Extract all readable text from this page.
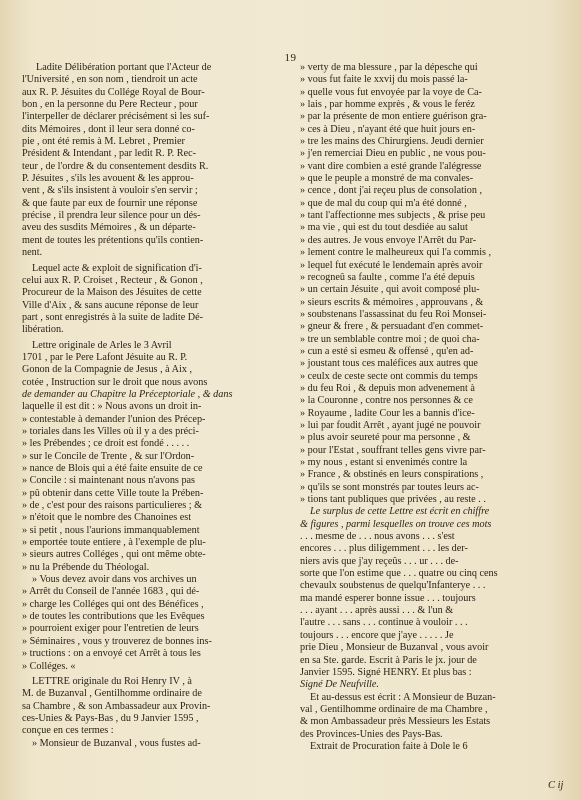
19

Ladite Délibération portant que l'Acteur de
l'Université , en son nom , tiendroit un acte
aux R. P. Jésuites du Collége Royal de Bour-
bon , en la personne du Pere Recteur , pour
l'interpeller de déclarer précisément si les suf-
dits Mémoires , dont il leur sera donné co-
pie , ont été remis à M. Lebret , Premier
Président & Intendant , par ledit R. P. Rec-
teur , de l'ordre & du consentement desdits R.
P. Jésuites , s'ils les avouent & les approu-
vent , & s'ils insistent à vouloir s'en servir ;
& que faute par eux de fournir une réponse
précise , il prendra leur silence pour un dés-
aveu des susdits Mémoires , & un départe-
ment de toutes les prétentions qu'ils contien-
nent.

Lequel acte & exploit de signification d'i-
celui aux R. P. Croiset , Recteur , & Gonon ,
Procureur de la Maison des Jésuites de cette
Ville d'Aix , & sans aucune réponse de leur
part , sont enregistrés à la suite de ladite Dé-
libération.

Lettre originale de Arles le 3 Avril
1701 , par le Pere Lafont Jésuite au R. P.
Gonon de la Compagnie de Jesus , à Aix ,
cotée , Instruction sur le droit que nous avons
de demander au Chapitre la Préceptoriale , & dans
laquelle il est dit : » Nous avons un droit in-
» contestable à demander l'union des Précep-
» toriales dans les Villes où il y a des préci-
» les Prébendes ; ce droit est fondé . . . . .
» sur le Concile de Trente , & sur l'Ordon-
» nance de Blois qui a été faite ensuite de ce
» Concile : si maintenant nous n'avons pas
» pû obtenir dans cette Ville toute la Prében-
» de , c'est pour des raisons particulieres ; &
» n'étoit que le nombre des Chanoines est
» si petit , nous l'aurions immanquablement
» emportée toute entiere , à l'exemple de plu-
» sieurs autres Colléges , qui ont même obte-
» nu la Prébende du Théologal.
» Vous devez avoir dans vos archives un
» Arrêt du Conseil de l'année 1683 , qui dé-
» charge les Colléges qui ont des Bénéfices ,
» de toutes les contributions que les Evêques
» pourroient exiger pour l'entretien de leurs
» Séminaires , vous y trouverez de bonnes ins-
» tructions : on a envoyé cet Arrêt à tous les
» Colléges. «

LETTRE originale du Roi Henry IV , à
M. de Buzanval , Gentilhomme ordinaire de
sa Chambre , & son Ambassadeur aux Provin-
ces-Unies & Pays-Bas , du 9 Janvier 1595 ,
conçue en ces termes :
» Monsieur de Buzanval , vous fustes ad-

» verty de ma blessure , par la dépesche qui
» vous fut faite le xxvij du mois passé la-
» quelle vous fut envoyée par la voye de Ca-
» lais , par homme exprès , & vous le feréz
» par la présente de mon entiere guérison gra-
» ces à Dieu , n'ayant été que huit jours en-
» tre les mains des Chirurgiens. Jeudi dernier
» j'en remerciai Dieu en public , ne vous pou-
» vant dire combien a esté grande l'alégresse
» que le peuple a monstré de ma convales-
» cence , dont j'ai reçeu plus de consolation ,
» que de mal du coup qui m'a été donné ,
» tant l'affectionne mes subjects , & prise peu
» ma vie , qui est du tout desdiée au salut
» des autres. Je vous envoye l'Arrêt du Par-
» lement contre le malheureux qui l'a commis ,
» lequel fut exécuté le lendemain après avoir
» recogneû sa faulte , comme l'a été depuis
» un certain Jésuite , qui avoit composé plu-
» sieurs escrits & mémoires , approuvans , &
» soubstenans l'assassinat du feu Roi Monsei-
» gneur & frere , & persuadant d'en commet-
» tre un semblable contre moi ; de quoi cha-
» cun a esté si esmeu & offensé , qu'en ad-
» joustant tous ces maléfices aux autres que
» ceulx de ceste secte ont commis du temps
» du feu Roi , & depuis mon advenement à
» la Couronne , contre nos personnes & ce
» Royaume , ladite Cour les a bannis d'ice-
» lui par foudit Arrêt , ayant jugé ne pouvoir
» plus avoir seureté pour ma personne , &
» pour l'Estat , souffrant telles gens vivre par-
» my nous , estant si envenimés contre la
» France , & obstinés en leurs conspirations ,
» qu'ils se sont monstrés par toutes leurs ac-
» tions tant publiques que privées , au reste . .

Le surplus de cette Lettre est écrit en chiffre
& figures , parmi lesquelles on trouve ces mots
. . . mesme de . . . nous avons . . . s'est
encores . . . plus diligemment . . . les der-
niers avis que j'ay reçeûs . . . ur . . . de-
sorte que l'on estime que . . . quatre ou cinq cens
chevaulx soubstenus de quelqu'Infanterye . . .
ma mandé esperer bonne issue . . . toujours
. . . ayant . . . après aussi . . . & l'un &
l'autre . . . sans . . . continue à vouloir . . .
toujours . . . encore que j'aye . . . . . Je
prie Dieu , Monsieur de Buzanval , vous avoir
en sa Ste. garde. Escrit à Paris le jx. jour de
Janvier 1595. Signé HENRY. Et plus bas :
Signé De Neufville.

Et au-dessus est écrit : A Monsieur de Buzan-
val , Gentilhomme ordinaire de ma Chambre ,
& mon Ambassadeur près Messieurs les Estats
des Provinces-Unies des Pays-Bas.

Extrait de Procuration faite à Dole le 6

C ij
